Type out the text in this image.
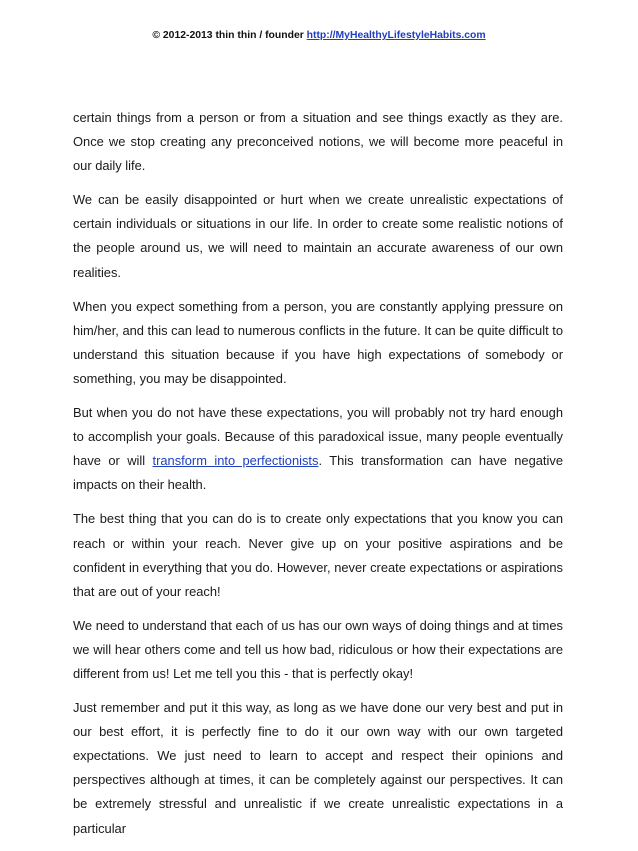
© 2012-2013 thin thin / founder http://MyHealthyLifestyleHabits.com

certain things from a person or from a situation and see things exactly as they are. Once we stop creating any preconceived notions, we will become more peaceful in our daily life.

We can be easily disappointed or hurt when we create unrealistic expectations of certain individuals or situations in our life. In order to create some realistic notions of the people around us, we will need to maintain an accurate awareness of our own realities.

When you expect something from a person, you are constantly applying pressure on him/her, and this can lead to numerous conflicts in the future. It can be quite difficult to understand this situation because if you have high expectations of somebody or something, you may be disappointed.

But when you do not have these expectations, you will probably not try hard enough to accomplish your goals. Because of this paradoxical issue, many people eventually have or will transform into perfectionists. This transformation can have negative impacts on their health.

The best thing that you can do is to create only expectations that you know you can reach or within your reach. Never give up on your positive aspirations and be confident in everything that you do. However, never create expectations or aspirations that are out of your reach!

We need to understand that each of us has our own ways of doing things and at times we will hear others come and tell us how bad, ridiculous or how their expectations are different from us! Let me tell you this - that is perfectly okay!

Just remember and put it this way, as long as we have done our very best and put in our best effort, it is perfectly fine to do it our own way with our own targeted expectations. We just need to learn to accept and respect their opinions and perspectives although at times, it can be completely against our perspectives. It can be extremely stressful and unrealistic if we create unrealistic expectations in a particular
